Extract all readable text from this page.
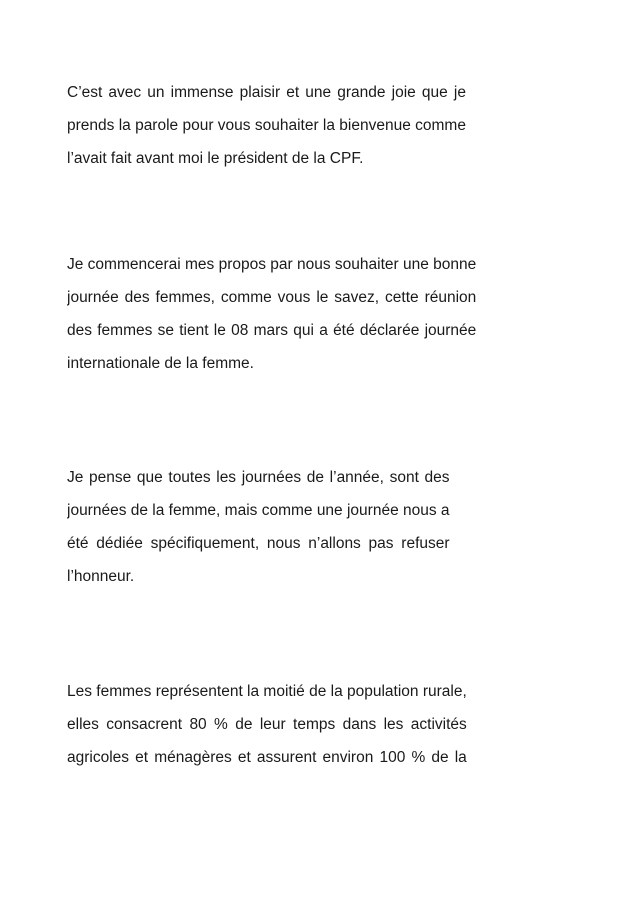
C’est avec un immense plaisir et une grande joie que je
prends la parole pour vous souhaiter la bienvenue comme
l’avait fait avant moi le président de la CPF.
Je commencerai mes propos par nous souhaiter une bonne
journée des femmes, comme vous le savez, cette réunion
des femmes se tient le 08 mars qui a été déclarée journée
internationale de la femme.
Je pense que toutes les journées de l’année, sont des
journées de la femme, mais comme une journée nous a
été dédiée spécifiquement, nous n’allons pas refuser
l’honneur.
Les femmes représentent la moitié de la population rurale,
elles consacrent 80 % de leur temps dans les activités
agricoles et ménagères et assurent environ 100 % de la
